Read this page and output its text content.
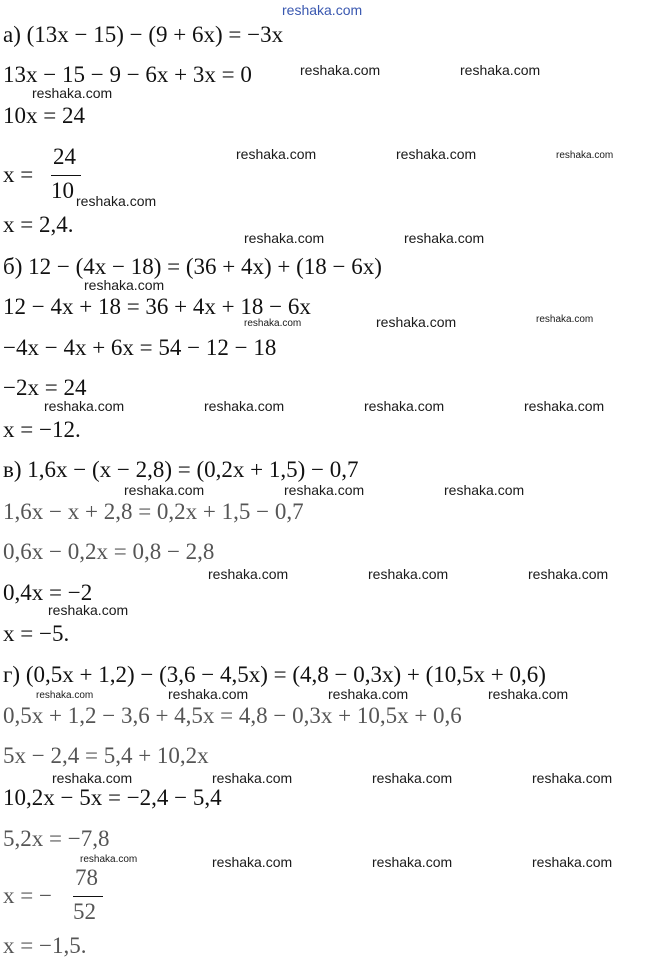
reshaka.com
а) (13x − 15) − (9 + 6x) = −3x
13x − 15 − 9 − 6x + 3x = 0
10x = 24
x =
24
10
x = 2,4.
б) 12 − (4x − 18) = (36 + 4x) + (18 − 6x)
12 − 4x + 18 = 36 + 4x + 18 − 6x
−4x − 4x + 6x = 54 − 12 − 18
−2x = 24
x = −12.
в) 1,6x − (x − 2,8) = (0,2x + 1,5) − 0,7
1,6x − x + 2,8 = 0,2x + 1,5 − 0,7
0,6x − 0,2x = 0,8 − 2,8
0,4x = −2
x = −5.
г) (0,5x + 1,2) − (3,6 − 4,5x) = (4,8 − 0,3x) + (10,5x + 0,6)
0,5x + 1,2 − 3,6 + 4,5x = 4,8 − 0,3x + 10,5x + 0,6
5x − 2,4 = 5,4 + 10,2x
10,2x − 5x = −2,4 − 5,4
5,2x = −7,8
x = −
78
52
x = −1,5.
reshaka.com	reshaka.com
reshaka.com
reshaka.com	reshaka.com	reshaka.com
reshaka.com
reshaka.com	reshaka.com
reshaka.com
reshaka.com	reshaka.com	reshaka.com
reshaka.com	reshaka.com	reshaka.com	reshaka.com
reshaka.com	reshaka.com	reshaka.com
reshaka.com	reshaka.com	reshaka.com
reshaka.com
reshaka.com	reshaka.com	reshaka.com	reshaka.com
reshaka.com	reshaka.com	reshaka.com	reshaka.com
reshaka.com	reshaka.com	reshaka.com	reshaka.com
